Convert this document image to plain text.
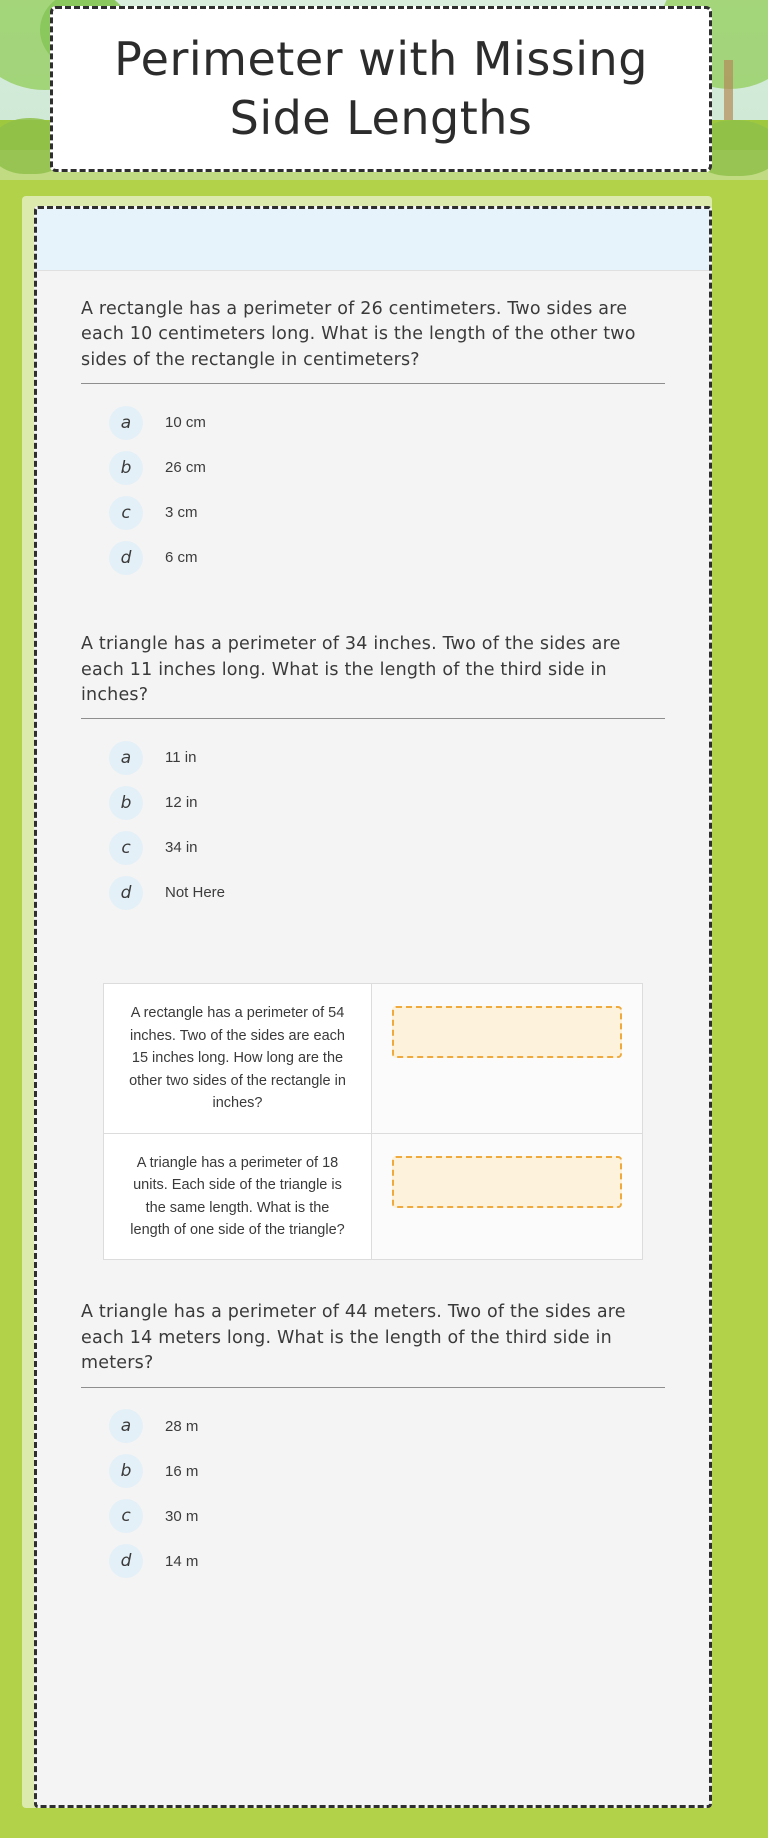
Perimeter with Missing Side Lengths
A rectangle has a perimeter of 26 centimeters. Two sides are each 10 centimeters long. What is the length of the other two sides of the rectangle in centimeters?
a	10 cm
b	26 cm
c	3 cm
d	6 cm
A triangle has a perimeter of 34 inches. Two of the sides are each 11 inches long. What is the length of the third side in inches?
a	11 in
b	12 in
c	34 in
d	Not Here
A rectangle has a perimeter of 54 inches. Two of the sides are each 15 inches long. How long are the other two sides of the rectangle in inches?
A triangle has a perimeter of 18 units. Each side of the triangle is the same length. What is the length of one side of the triangle?
A triangle has a perimeter of 44 meters. Two of the sides are each 14 meters long. What is the length of the third side in meters?
a	28 m
b	16 m
c	30 m
d	14 m
